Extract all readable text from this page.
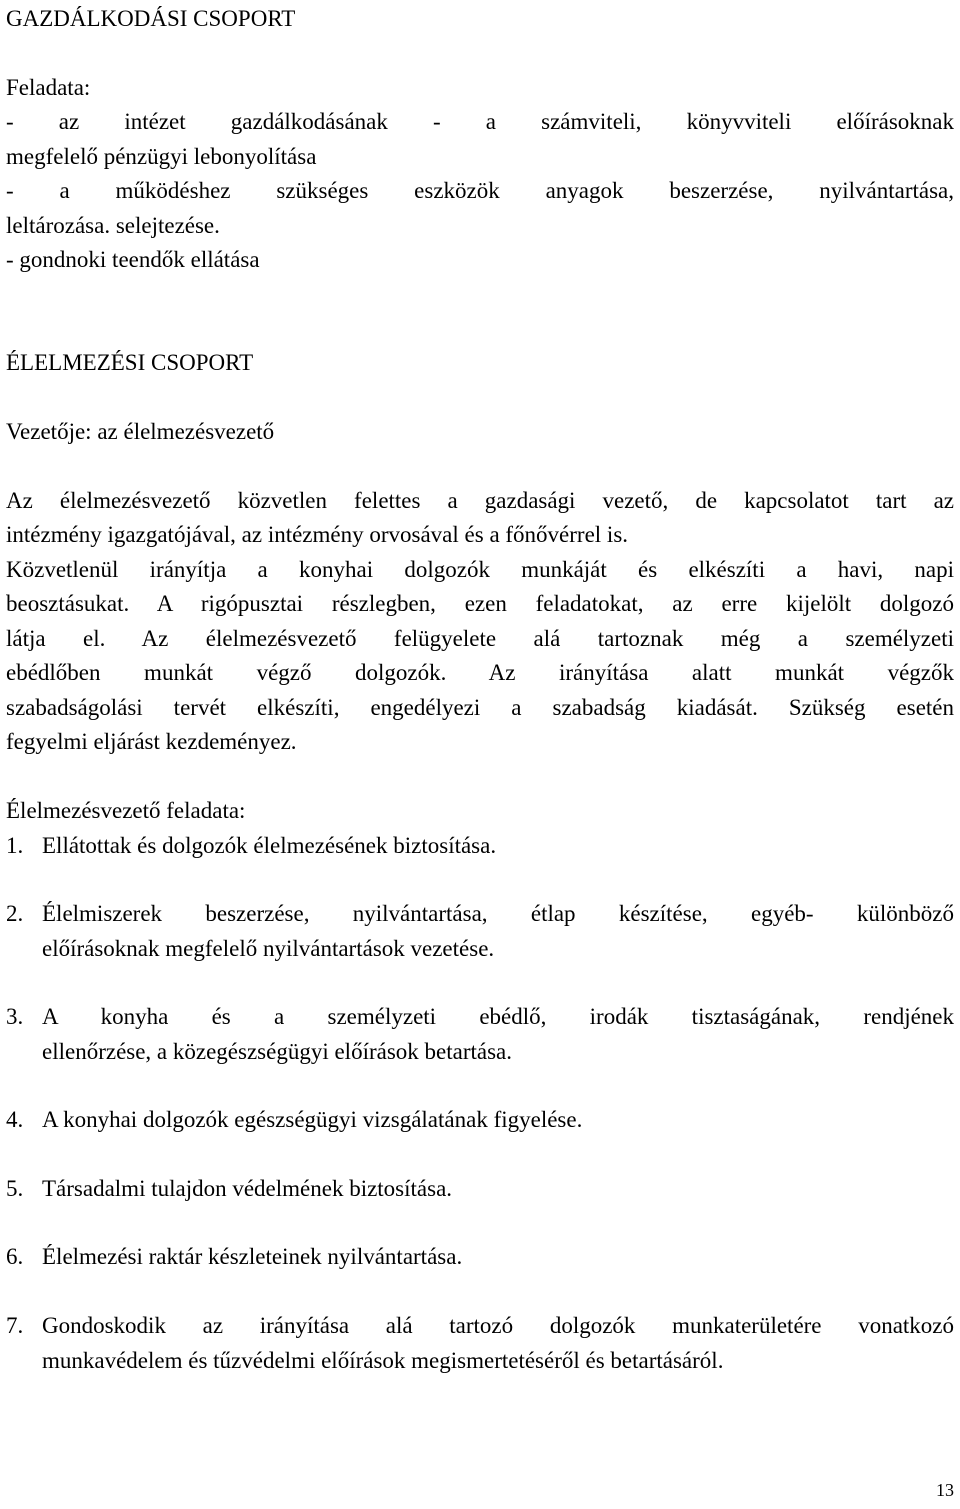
GAZDÁLKODÁSI CSOPORT
Feladata:
- az intézet gazdálkodásának - a számviteli, könyvviteli előírásoknak
megfelelő pénzügyi lebonyolítása
- a működéshez szükséges eszközök anyagok beszerzése, nyilvántartása,
leltározása. selejtezése.
- gondnoki teendők ellátása
ÉLELMEZÉSI CSOPORT
Vezetője: az élelmezésvezető
Az élelmezésvezető közvetlen felettes a gazdasági vezető, de kapcsolatot tart az
intézmény igazgatójával, az intézmény orvosával és a főnővérrel is.
Közvetlenül irányítja a konyhai dolgozók munkáját és elkészíti a havi, napi
beosztásukat. A rigópusztai részlegben, ezen feladatokat, az erre kijelölt dolgozó
látja el. Az élelmezésvezető felügyelete alá tartoznak még a személyzeti
ebédlőben munkát végző dolgozók. Az irányítása alatt munkát végzők
szabadságolási tervét elkészíti, engedélyezi a szabadság kiadását. Szükség esetén
fegyelmi eljárást kezdeményez.
Élelmezésvezető feladata:
1. Ellátottak és dolgozók élelmezésének biztosítása.
2. Élelmiszerek beszerzése, nyilvántartása, étlap készítése, egyéb- különböző
előírásoknak megfelelő nyilvántartások vezetése.
3. A konyha és a személyzeti ebédlő, irodák tisztaságának, rendjének
ellenőrzése, a közegészségügyi előírások betartása.
4. A konyhai dolgozók egészségügyi vizsgálatának figyelése.
5. Társadalmi tulajdon védelmének biztosítása.
6. Élelmezési raktár készleteinek nyilvántartása.
7. Gondoskodik az irányítása alá tartozó dolgozók munkaterületére vonatkozó
munkavédelem és tűzvédelmi előírások megismertetéséről és betartásáról.
13
